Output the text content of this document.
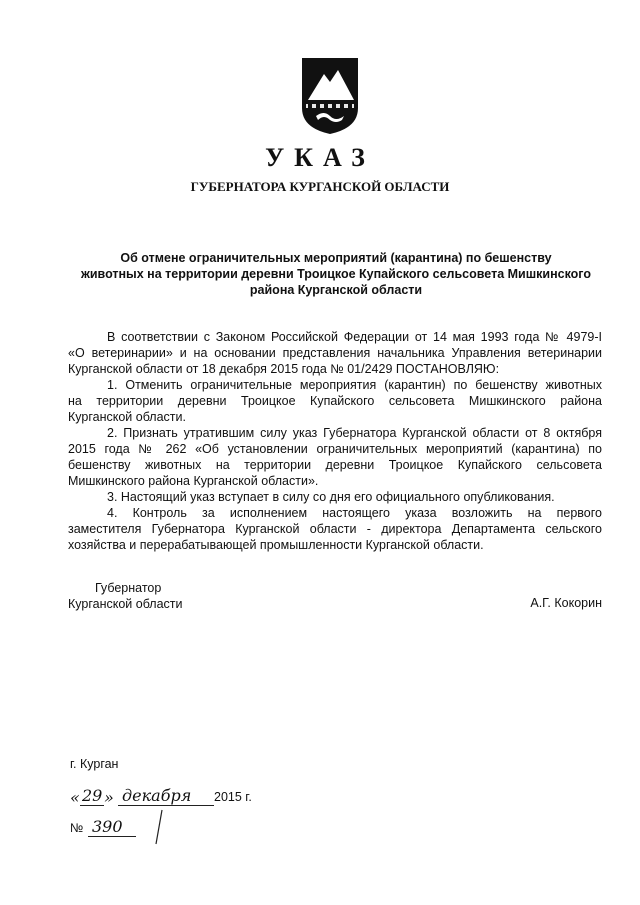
УКАЗ
ГУБЕРНАТОРА КУРГАНСКОЙ ОБЛАСТИ
Об отмене ограничительных мероприятий (карантина) по бешенству
животных на территории деревни Троицкое Купайского сельсовета Мишкинского
района Курганской области
В соответствии с Законом Российской Федерации от 14 мая 1993 года № 4979-I
«О ветеринарии» и на основании представления начальника Управления ветеринарии
Курганской области от 18 декабря 2015 года № 01/2429 ПОСТАНОВЛЯЮ:
1. Отменить ограничительные мероприятия (карантин) по бешенству животных
на территории деревни Троицкое Купайского сельсовета Мишкинского района
Курганской области.
2. Признать утратившим силу указ Губернатора Курганской области от 8 октября
2015 года № 262 «Об установлении ограничительных мероприятий (карантина) по
бешенству животных на территории деревни Троицкое Купайского сельсовета
Мишкинского района Курганской области».
3. Настоящий указ вступает в силу со дня его официального опубликования.
4. Контроль за исполнением настоящего указа возложить на первого
заместителя Губернатора Курганской области - директора Департамента сельского
хозяйства и перерабатывающей промышленности Курганской области.
Губернатор
Курганской области	А.Г. Кокорин
г. Курган
« 29 » декабря 2015 г.
№ 390
